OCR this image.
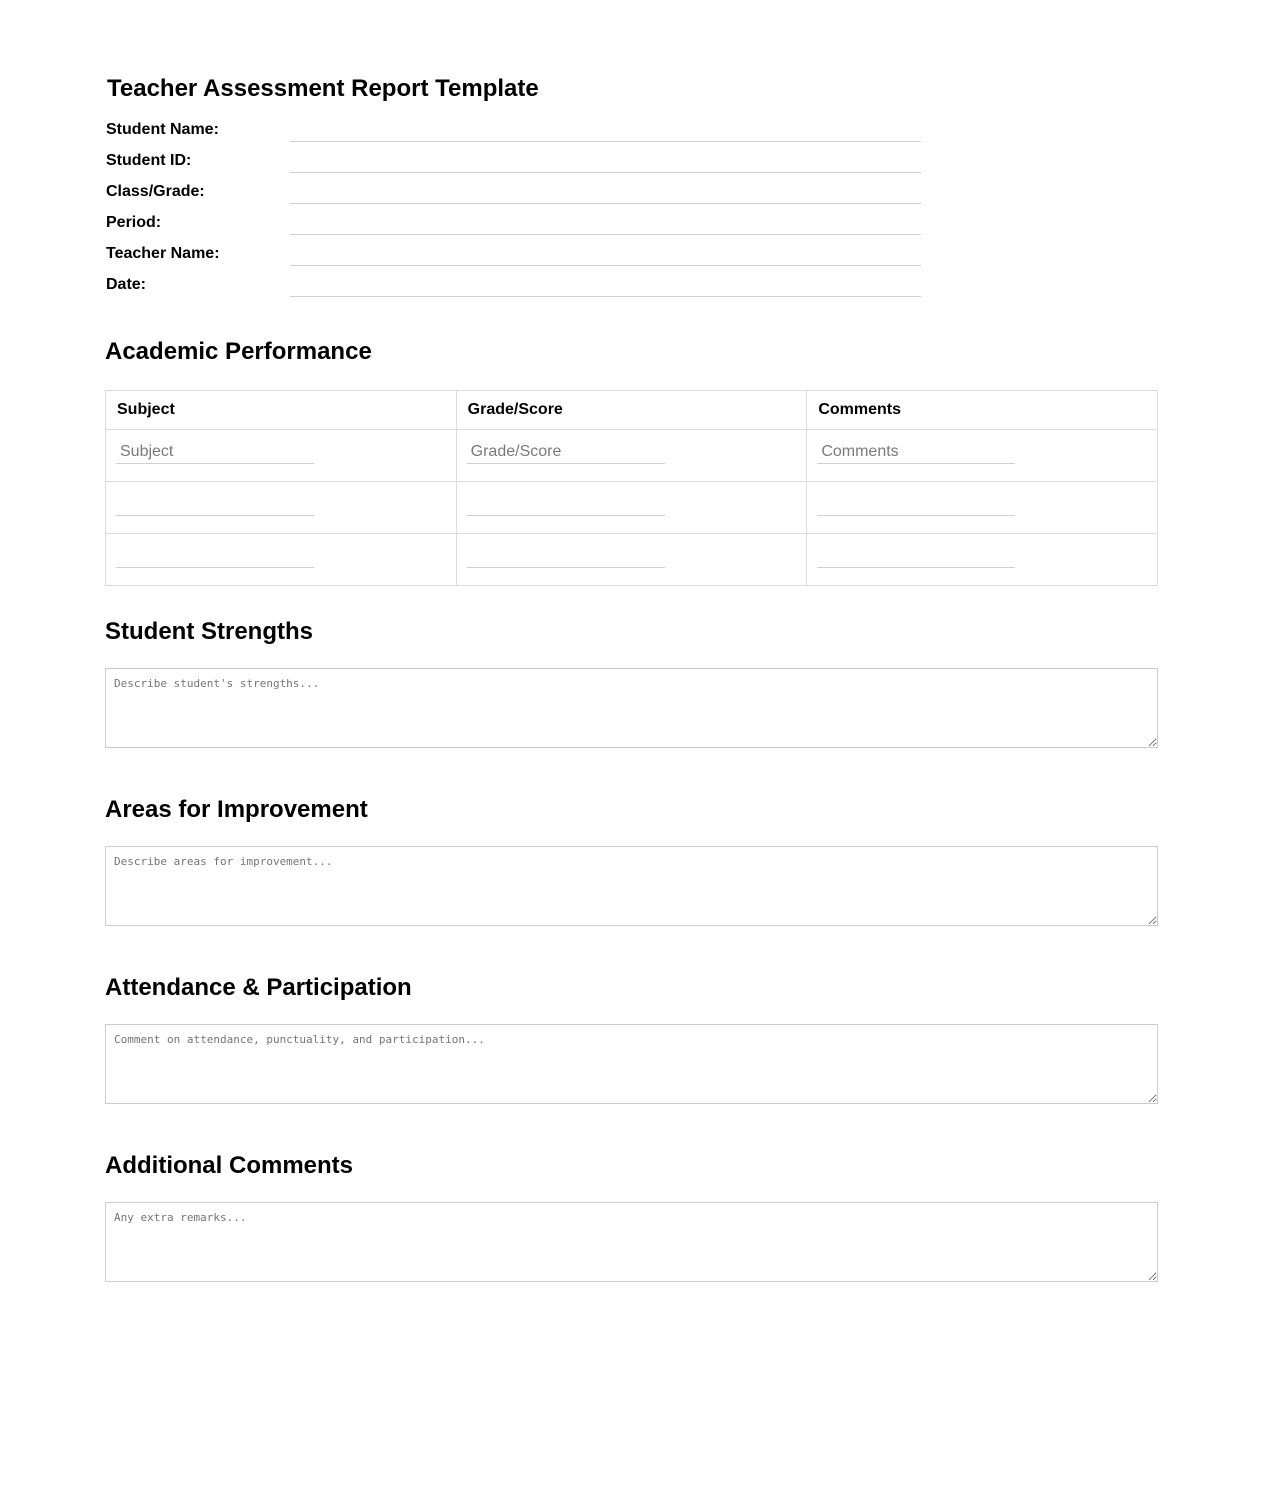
Teacher Assessment Report Template
Student Name:
Student ID:
Class/Grade:
Period:
Teacher Name:
Date:
Academic Performance
Subject	Grade/Score	Comments
Subject	Grade/Score	Comments

Student Strengths
Describe student's strengths...
Areas for Improvement
Describe areas for improvement...
Attendance & Participation
Comment on attendance, punctuality, and participation...
Additional Comments
Any extra remarks...
